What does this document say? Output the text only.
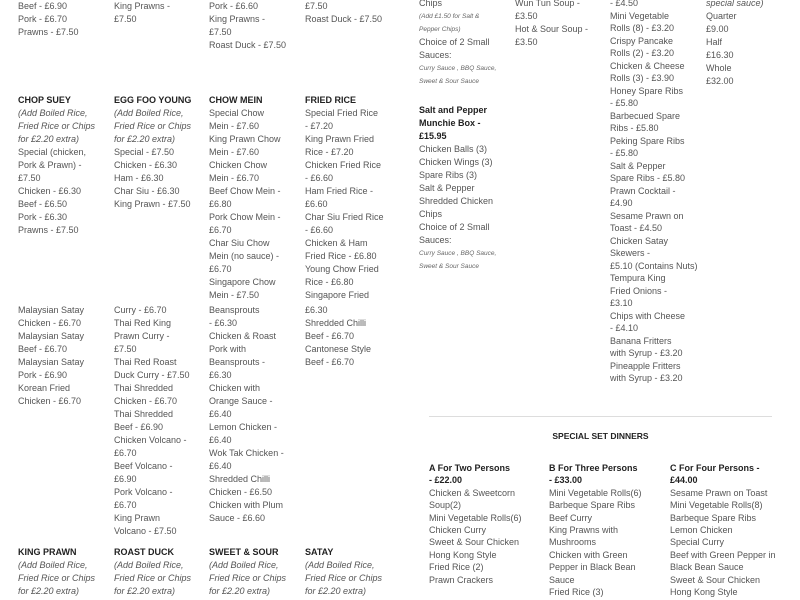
Beef - £6.90
Pork - £6.70
Prawns - £7.50
King Prawns -
£7.50
Pork - £6.60
King Prawns -
£7.50
Roast Duck - £7.50
£7.50
Roast Duck - £7.50
CHOP SUEY
(Add Boiled Rice,
Fried Rice or Chips
for £2.20 extra)
Special (chicken,
Pork & Prawn) -
£7.50
Chicken - £6.30
Beef - £6.50
Pork - £6.30
Prawns - £7.50
EGG FOO YOUNG
(Add Boiled Rice,
Fried Rice or Chips
for £2.20 extra)
Special - £7.50
Chicken - £6.30
Ham - £6.30
Char Siu - £6.30
King Prawn - £7.50
CHOW MEIN
Special Chow
Mein - £7.60
King Prawn Chow
Mein - £7.60
Chicken Chow
Mein - £6.70
Beef Chow Mein -
£6.80
Pork Chow Mein -
£6.70
Char Siu Chow
Mein (no sauce) -
£6.70
Singapore Chow
Mein - £7.50
FRIED RICE
Special Fried Rice
- £7.20
King Prawn Fried
Rice - £7.20
Chicken Fried Rice
- £6.60
Ham Fried Rice -
£6.60
Char Siu Fried Rice
- £6.60
Chicken & Ham
Fried Rice - £6.80
Young Chow Fried
Rice - £6.80
Singapore Fried
Malaysian Satay
Chicken - £6.70
Malaysian Satay
Beef - £6.70
Malaysian Satay
Pork - £6.90
Korean Fried
Chicken - £6.70
Curry - £6.70
Thai Red King
Prawn Curry -
£7.50
Thai Red Roast
Duck Curry - £7.50
Thai Shredded
Chicken - £6.70
Thai Shredded
Beef - £6.90
Chicken Volcano -
£6.70
Beef Volcano -
£6.90
Pork Volcano -
£6.70
King Prawn
Volcano - £7.50
Beansprouts
- £6.30
Chicken & Roast
Pork with
Beansprouts -
£6.30
Chicken with
Orange Sauce -
£6.40
Lemon Chicken -
£6.40
Wok Tak Chicken -
£6.40
Shredded Chilli
Chicken - £6.50
Chicken with Plum
Sauce - £6.60
£6.30
Shredded Chilli
Beef - £6.70
Cantonese Style
Beef - £6.70
KING PRAWN
(Add Boiled Rice,
Fried Rice or Chips
for £2.20 extra)
ROAST DUCK
(Add Boiled Rice,
Fried Rice or Chips
for £2.20 extra)
SWEET & SOUR
(Add Boiled Rice,
Fried Rice or Chips
for £2.20 extra)
SATAY
(Add Boiled Rice,
Fried Rice or Chips
for £2.20 extra)
Chips
(Add £1.50 for Salt &
Pepper Chips)
Choice of 2 Small
Sauces:
Curry Sauce , BBQ Sauce,
Sweet & Sour Sauce
Salt and Pepper
Munchie Box -
£15.95
Chicken Balls (3)
Chicken Wings (3)
Spare Ribs (3)
Salt & Pepper
Shredded Chicken
Chips
Choice of 2 Small
Sauces:
Curry Sauce , BBQ Sauce,
Sweet & Sour Sauce
Wun Tun Soup -
£3.50
Hot & Sour Soup -
£3.50
- £4.50
Mini Vegetable
Rolls (8) - £3.20
Crispy Pancake
Rolls (2) - £3.20
Chicken & Cheese
Rolls (3) - £3.90
Honey Spare Ribs
- £5.80
Barbecued Spare
Ribs - £5.80
Peking Spare Ribs
- £5.80
Salt & Pepper
Spare Ribs - £5.80
Prawn Cocktail -
£4.90
Sesame Prawn on
Toast - £4.50
Chicken Satay
Skewers -
£5.10 (Contains Nuts)
Tempura King
Fried Onions -
£3.10
Chips with Cheese
- £4.10
Banana Fritters
with Syrup - £3.20
Pineapple Fritters
with Syrup - £3.20
special sauce)
Quarter
£9.00
Half
£16.30
Whole
£32.00
SPECIAL SET DINNERS
A For Two Persons
- £22.00
Chicken & Sweetcorn
Soup(2)
Mini Vegetable Rolls(6)
Chicken Curry
Sweet & Sour Chicken
Hong Kong Style
Fried Rice (2)
Prawn Crackers
B For Three Persons
- £33.00
Mini Vegetable Rolls(6)
Barbeque Spare Ribs
Beef Curry
King Prawns with
Mushrooms
Chicken with Green
Pepper in Black Bean
Sauce
Fried Rice (3)
C For Four Persons -
£44.00
Sesame Prawn on Toast
Mini Vegetable Rolls(8)
Barbeque Spare Ribs
Lemon Chicken
Special Curry
Beef with Green Pepper in
Black Bean Sauce
Sweet & Sour Chicken
Hong Kong Style
